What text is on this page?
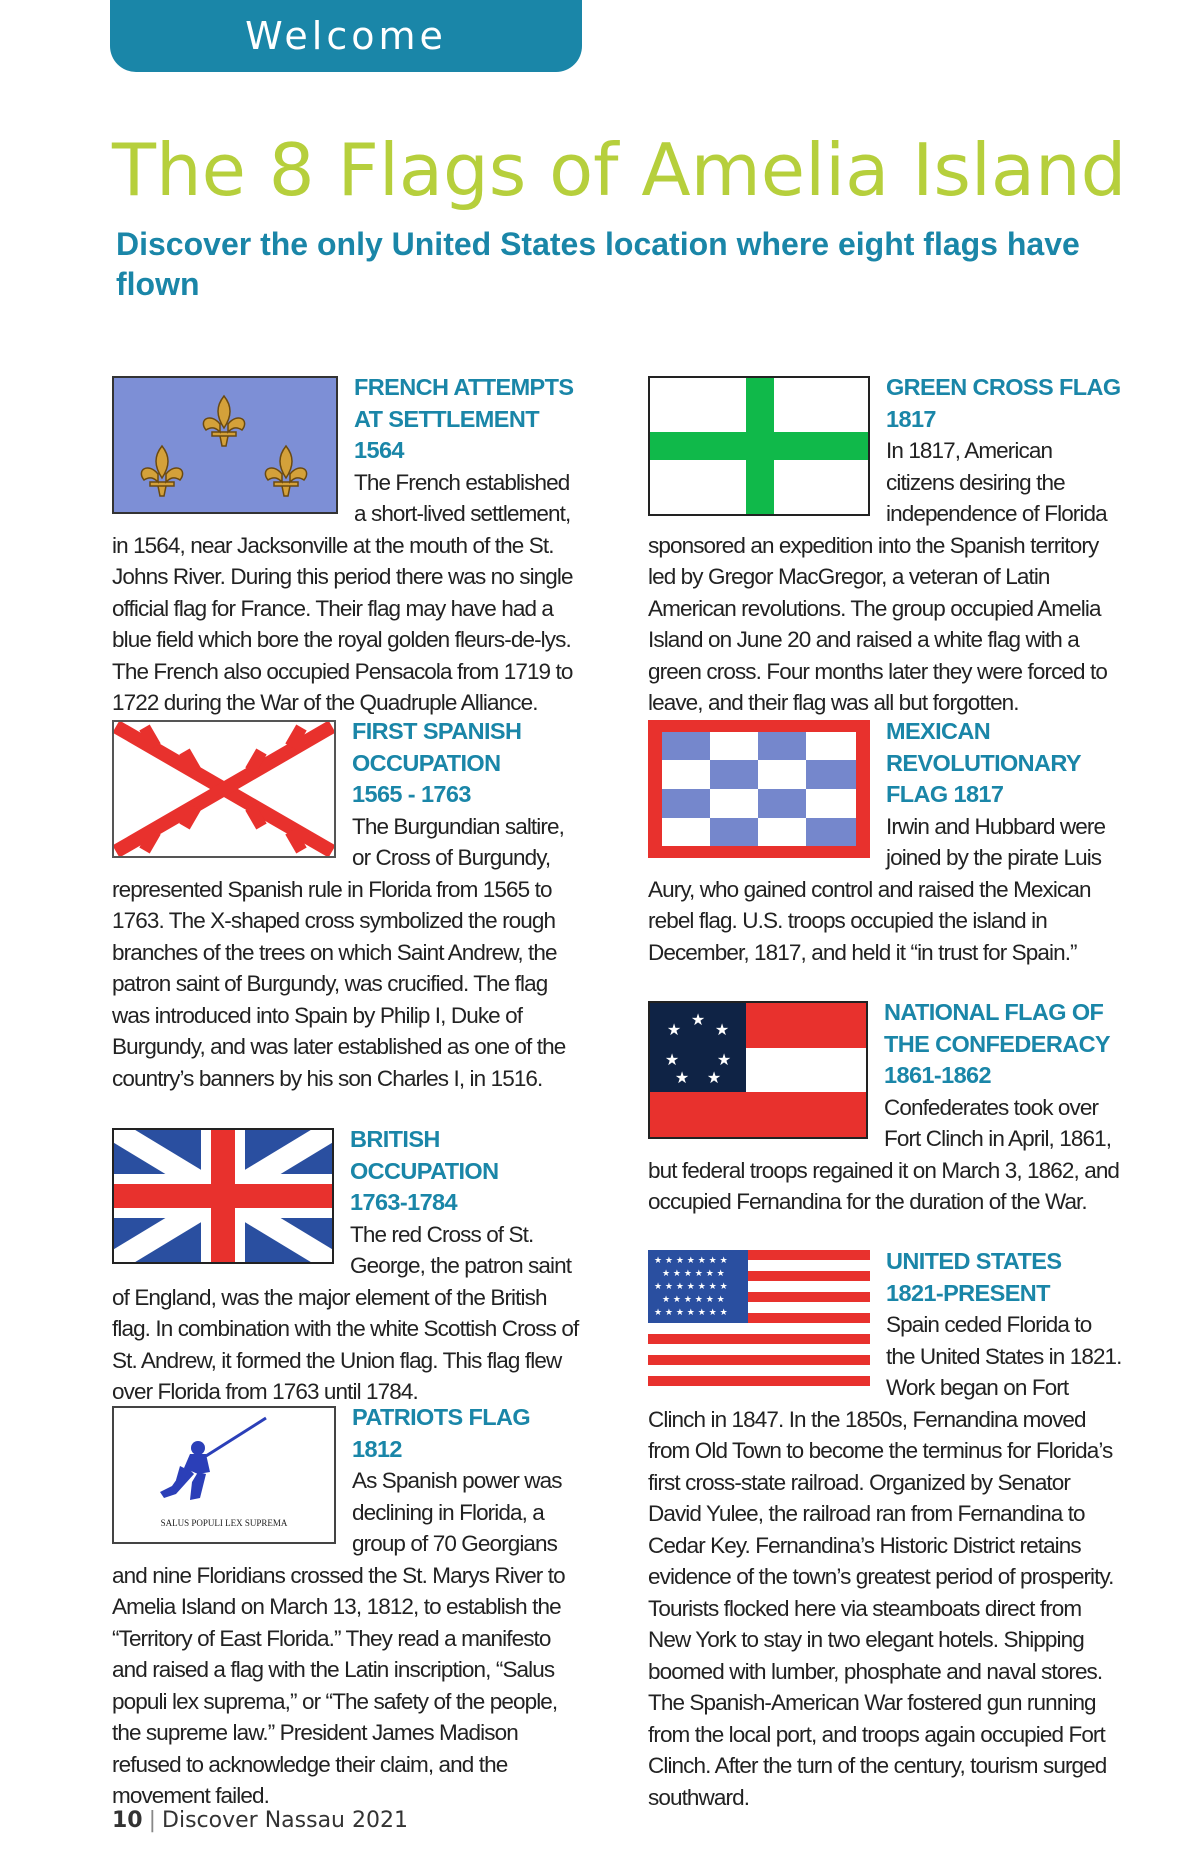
Welcome
The 8 Flags of Amelia Island
Discover the only United States location where eight flags have flown
FRENCH ATTEMPTS
AT SETTLEMENT 1564
The French established a short-lived settlement, in 1564, near Jacksonville at the mouth of the St. Johns River. During this period there was no single official flag for France. Their flag may have had a blue field which bore the royal golden fleurs-de-lys. The French also occupied Pensacola from 1719 to 1722 during the War of the Quadruple Alliance.
FIRST SPANISH
OCCUPATION
1565 - 1763
The Burgundian saltire, or Cross of Burgundy, represented Spanish rule in Florida from 1565 to 1763. The X-shaped cross symbolized the rough branches of the trees on which Saint Andrew, the patron saint of Burgundy, was crucified. The flag was introduced into Spain by Philip I, Duke of Burgundy, and was later established as one of the country’s banners by his son Charles I, in 1516.
BRITISH OCCUPATION
1763-1784
The red Cross of St. George, the patron saint of England, was the major element of the British flag. In combination with the white Scottish Cross of St. Andrew, it formed the Union flag. This flag flew over Florida from 1763 until 1784.
SALUS POPULI LEX SUPREMA
PATRIOTS FLAG 1812
As Spanish power was declining in Florida, a group of 70 Georgians and nine Floridians crossed the St. Marys River to Amelia Island on March 13, 1812, to establish the “Territory of East Florida.” They read a manifesto and raised a flag with the Latin inscription, “Salus populi lex suprema,” or “The safety of the people, the supreme law.” President James Madison refused to acknowledge their claim, and the movement failed.
GREEN CROSS FLAG 1817
In 1817, American citizens desiring the independence of Florida sponsored an expedition into the Spanish territory led by Gregor MacGregor, a veteran of Latin American revolutions. The group occupied Amelia Island on June 20 and raised a white flag with a green cross. Four months later they were forced to leave, and their flag was all but forgotten.
MEXICAN
REVOLUTIONARY
FLAG 1817
Irwin and Hubbard were joined by the pirate Luis Aury, who gained control and raised the Mexican rebel flag. U.S. troops occupied the island in December, 1817, and held it “in trust for Spain.”
★
★ ★
★ ★
★ ★
NATIONAL FLAG OF
THE CONFEDERACY
1861-1862
Confederates took over Fort Clinch in April, 1861, but federal troops regained it on March 3, 1862, and occupied Fernandina for the duration of the War.
★ ★ ★ ★ ★ ★ ★
★ ★ ★ ★ ★ ★
★ ★ ★ ★ ★ ★ ★
★ ★ ★ ★ ★ ★
★ ★ ★ ★ ★ ★ ★
UNITED STATES
1821-PRESENT
Spain ceded Florida to the United States in 1821. Work began on Fort Clinch in 1847. In the 1850s, Fernandina moved from Old Town to become the terminus for Florida’s first cross-state railroad. Organized by Senator David Yulee, the railroad ran from Fernandina to Cedar Key. Fernandina’s Historic District retains evidence of the town’s greatest period of prosperity. Tourists flocked here via steamboats direct from New York to stay in two elegant hotels. Shipping boomed with lumber, phosphate and naval stores. The Spanish-American War fostered gun running from the local port, and troops again occupied Fort Clinch. After the turn of the century, tourism surged southward.
10 | Discover Nassau 2021
